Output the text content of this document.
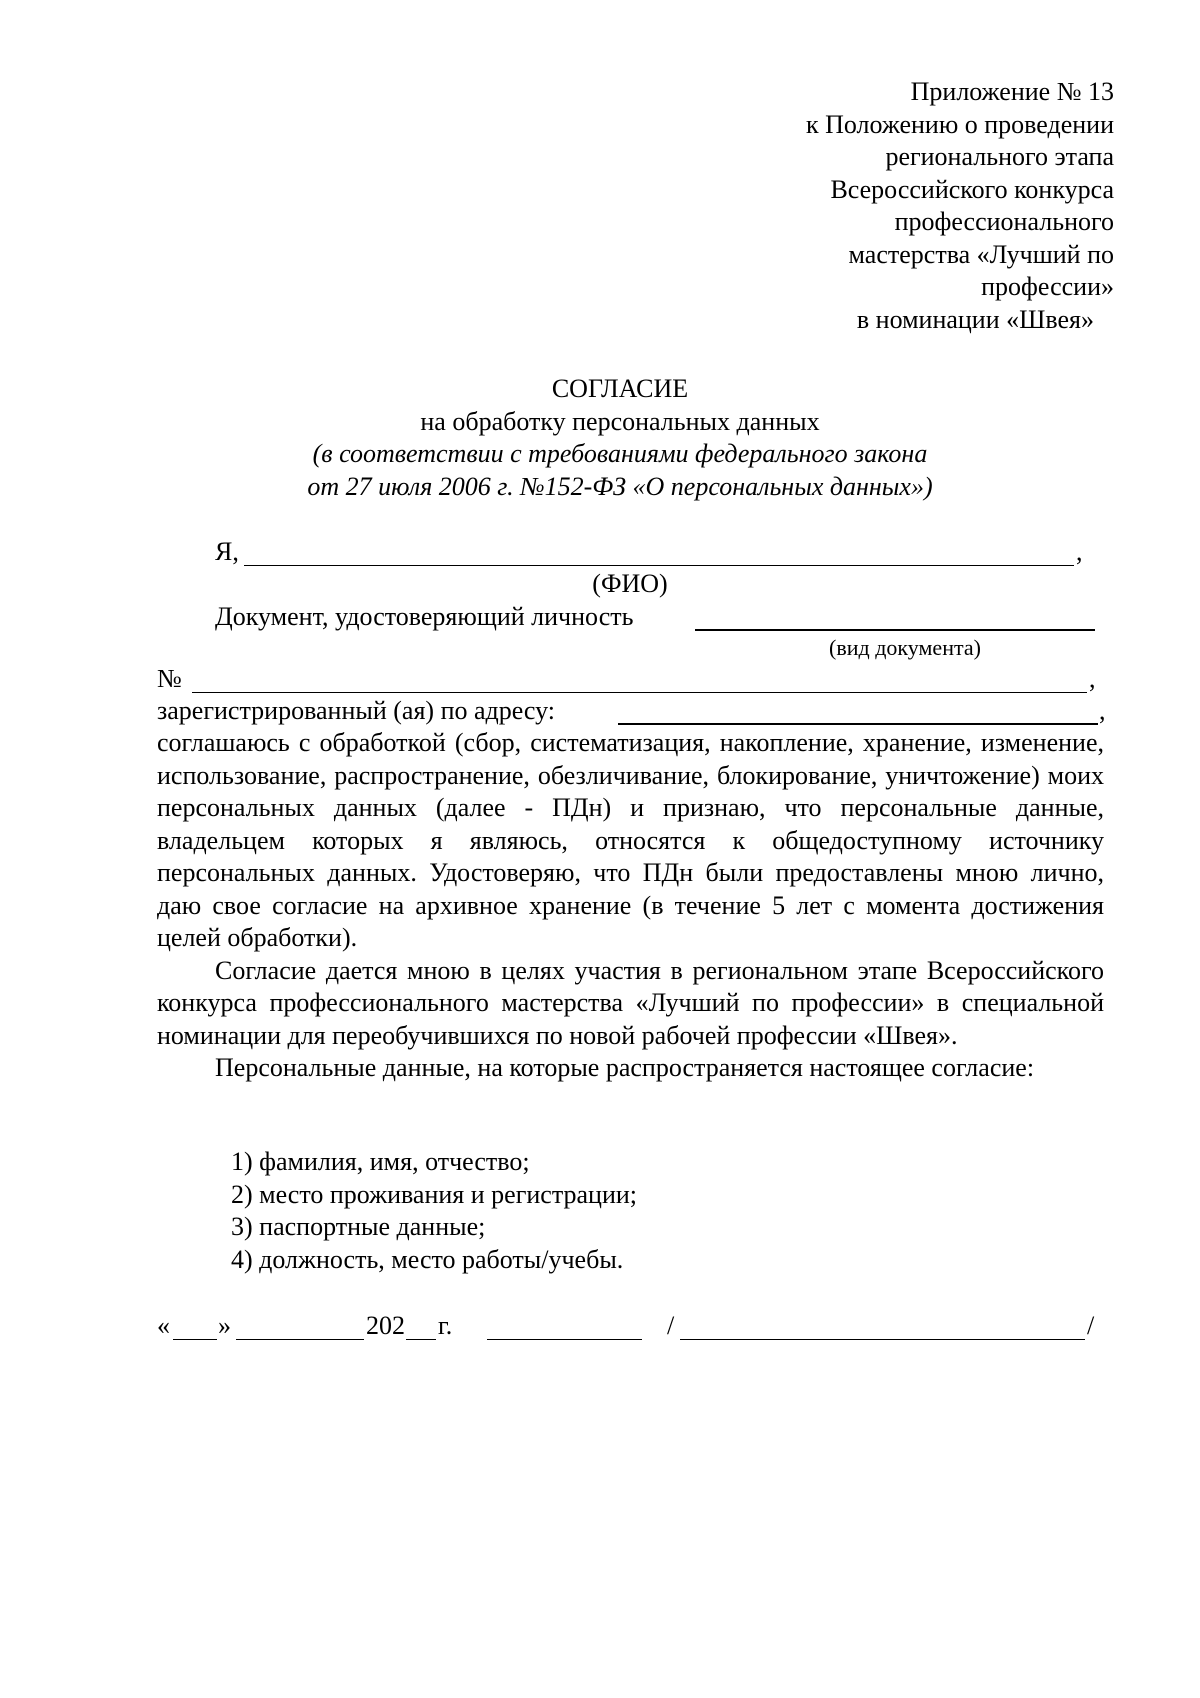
Приложение № 13
к Положению о проведении
регионального этапа
Всероссийского конкурса
профессионального
мастерства «Лучший по
профессии»
в номинации «Швея»
СОГЛАСИЕ
на обработку персональных данных
(в соответствии с требованиями федерального закона
от 27 июля 2006 г. №152-ФЗ «О персональных данных»)
Я,	,
(ФИО)
Документ, удостоверяющий личность
(вид документа)
№	,
зарегистрированный (ая) по адресу:	,

соглашаюсь с обработкой (сбор, систематизация, накопление, хранение, изменение, использование, распространение, обезличивание, блокирование, уничтожение) моих персональных данных (далее - ПДн) и признаю, что персональные данные, владельцем которых я являюсь, относятся к общедоступному источнику персональных данных. Удостоверяю, что ПДн были предоставлены мною лично, даю свое согласие на архивное хранение (в течение 5 лет с момента достижения целей обработки).

Согласие дается мною в целях участия в региональном этапе Всероссийского конкурса профессионального мастерства «Лучший по профессии» в специальной номинации для переобучившихся по новой рабочей профессии «Швея».

Персональные данные, на которые распространяется настоящее согласие:

1) фамилия, имя, отчество;
2) место проживания и регистрации;
3) паспортные данные;
4) должность, место работы/учебы.
« »	202 г.	/	/
